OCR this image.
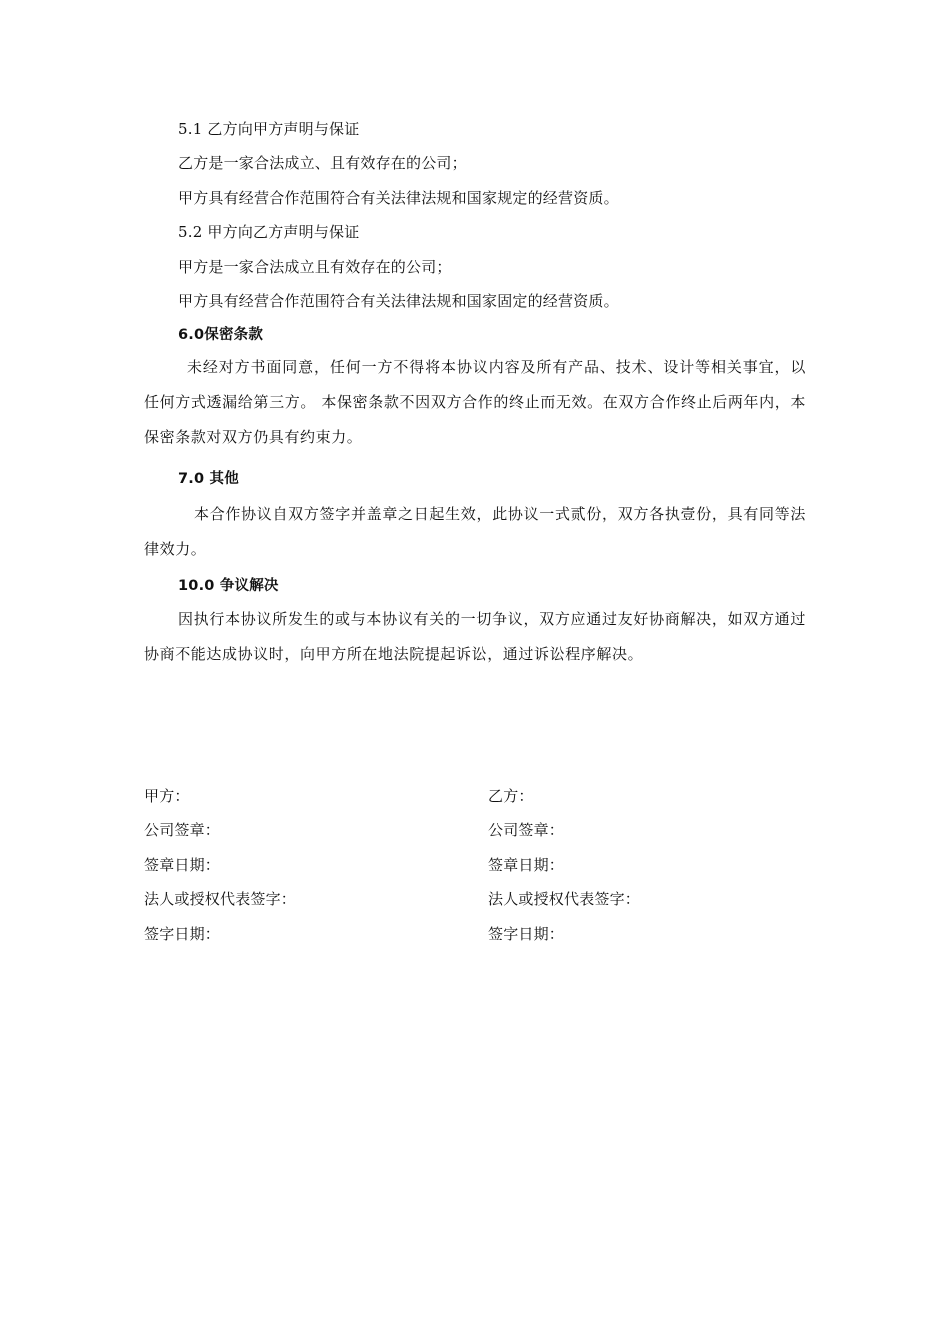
5.1 乙方向甲方声明与保证
乙方是一家合法成立、且有效存在的公司；
甲方具有经营合作范围符合有关法律法规和国家规定的经营资质。
5.2 甲方向乙方声明与保证
甲方是一家合法成立且有效存在的公司；
甲方具有经营合作范围符合有关法律法规和国家固定的经营资质。
6.0保密条款
未经对方书面同意，任何一方不得将本协议内容及所有产品、技术、设计等相关事宜，以任何方式透漏给第三方。 本保密条款不因双方合作的终止而无效。在双方合作终止后两年内，本保密条款对双方仍具有约束力。
7.0 其他
本合作协议自双方签字并盖章之日起生效，此协议一式贰份，双方各执壹份，具有同等法律效力。
10.0 争议解决
因执行本协议所发生的或与本协议有关的一切争议，双方应通过友好协商解决，如双方通过协商不能达成协议时，向甲方所在地法院提起诉讼，通过诉讼程序解决。
甲方：
公司签章：
签章日期：
法人或授权代表签字：
签字日期：
乙方：
公司签章：
签章日期：
法人或授权代表签字：
签字日期：
